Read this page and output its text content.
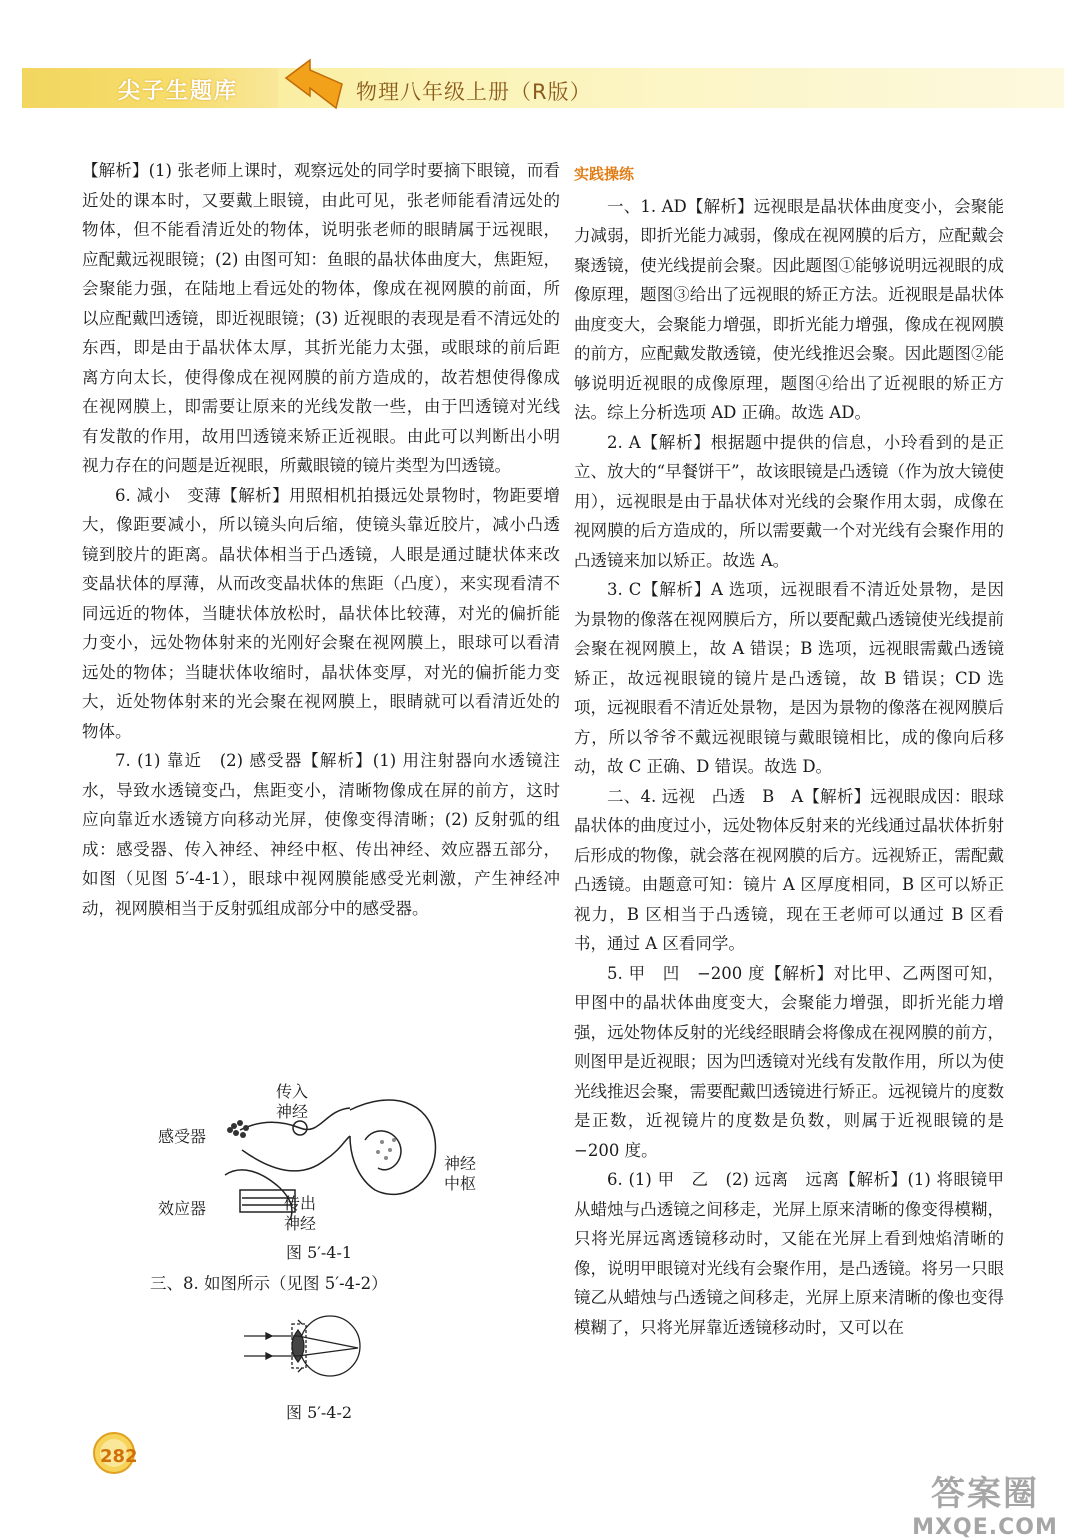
尖子生题库	物理八年级上册（R版）

【解析】(1) 张老师上课时，观察远处的同学时要摘下眼镜，而看近处的课本时，又要戴上眼镜，由此可见，张老师能看清远处的物体，但不能看清近处的物体，说明张老师的眼睛属于远视眼，应配戴远视眼镜；(2) 由图可知：鱼眼的晶状体曲度大，焦距短，会聚能力强，在陆地上看远处的物体，像成在视网膜的前面，所以应配戴凹透镜，即近视眼镜；(3) 近视眼的表现是看不清远处的东西，即是由于晶状体太厚，其折光能力太强，或眼球的前后距离方向太长，使得像成在视网膜的前方造成的，故若想使得像成在视网膜上，即需要让原来的光线发散一些，由于凹透镜对光线有发散的作用，故用凹透镜来矫正近视眼。由此可以判断出小明视力存在的问题是近视眼，所戴眼镜的镜片类型为凹透镜。

6. 减小　变薄【解析】用照相机拍摄远处景物时，物距要增大，像距要减小，所以镜头向后缩，使镜头靠近胶片，减小凸透镜到胶片的距离。晶状体相当于凸透镜，人眼是通过睫状体来改变晶状体的厚薄，从而改变晶状体的焦距（凸度），来实现看清不同远近的物体，当睫状体放松时，晶状体比较薄，对光的偏折能力变小，远处物体射来的光刚好会聚在视网膜上，眼球可以看清远处的物体；当睫状体收缩时，晶状体变厚，对光的偏折能力变大，近处物体射来的光会聚在视网膜上，眼睛就可以看清近处的物体。

7. (1) 靠近　(2) 感受器【解析】(1) 用注射器向水透镜注水，导致水透镜变凸，焦距变小，清晰物像成在屏的前方，这时应向靠近水透镜方向移动光屏，使像变得清晰；(2) 反射弧的组成：感受器、传入神经、神经中枢、传出神经、效应器五部分，如图（见图 5′-4-1），眼球中视网膜能感受光刺激，产生神经冲动，视网膜相当于反射弧组成部分中的感受器。

传入
神经
感受器
神经
中枢
效应器	传出
神经
图 5′-4-1
三、8. 如图所示（见图 5′-4-2）
图 5′-4-2
实践操练

一、1. AD【解析】远视眼是晶状体曲度变小，会聚能力减弱，即折光能力减弱，像成在视网膜的后方，应配戴会聚透镜，使光线提前会聚。因此题图①能够说明远视眼的成像原理，题图③给出了远视眼的矫正方法。近视眼是晶状体曲度变大，会聚能力增强，即折光能力增强，像成在视网膜的前方，应配戴发散透镜，使光线推迟会聚。因此题图②能够说明近视眼的成像原理，题图④给出了近视眼的矫正方法。综上分析选项 AD 正确。故选 AD。

2. A【解析】根据题中提供的信息，小玲看到的是正立、放大的“早餐饼干”，故该眼镜是凸透镜（作为放大镜使用），远视眼是由于晶状体对光线的会聚作用太弱，成像在视网膜的后方造成的，所以需要戴一个对光线有会聚作用的凸透镜来加以矫正。故选 A。

3. C【解析】A 选项，远视眼看不清近处景物，是因为景物的像落在视网膜后方，所以要配戴凸透镜使光线提前会聚在视网膜上，故 A 错误；B 选项，远视眼需戴凸透镜矫正，故远视眼镜的镜片是凸透镜，故 B 错误；CD 选项，远视眼看不清近处景物，是因为景物的像落在视网膜后方，所以爷爷不戴远视眼镜与戴眼镜相比，成的像向后移动，故 C 正确、D 错误。故选 D。

二、4. 远视　凸透　B　A【解析】远视眼成因：眼球晶状体的曲度过小，远处物体反射来的光线通过晶状体折射后形成的物像，就会落在视网膜的后方。远视矫正，需配戴凸透镜。由题意可知：镜片 A 区厚度相同，B 区可以矫正视力，B 区相当于凸透镜，现在王老师可以通过 B 区看书，通过 A 区看同学。

5. 甲　凹　−200 度【解析】对比甲、乙两图可知，甲图中的晶状体曲度变大，会聚能力增强，即折光能力增强，远处物体反射的光线经眼睛会将像成在视网膜的前方，则图甲是近视眼；因为凹透镜对光线有发散作用，所以为使光线推迟会聚，需要配戴凹透镜进行矫正。远视镜片的度数是正数，近视镜片的度数是负数，则属于近视眼镜的是 −200 度。

6. (1) 甲　乙　(2) 远离　远离【解析】(1) 将眼镜甲从蜡烛与凸透镜之间移走，光屏上原来清晰的像变得模糊，只将光屏远离透镜移动时，又能在光屏上看到烛焰清晰的像，说明甲眼镜对光线有会聚作用，是凸透镜。将另一只眼镜乙从蜡烛与凸透镜之间移走，光屏上原来清晰的像也变得模糊了，只将光屏靠近透镜移动时，又可以在

282
答案圈
MXQE.COM
